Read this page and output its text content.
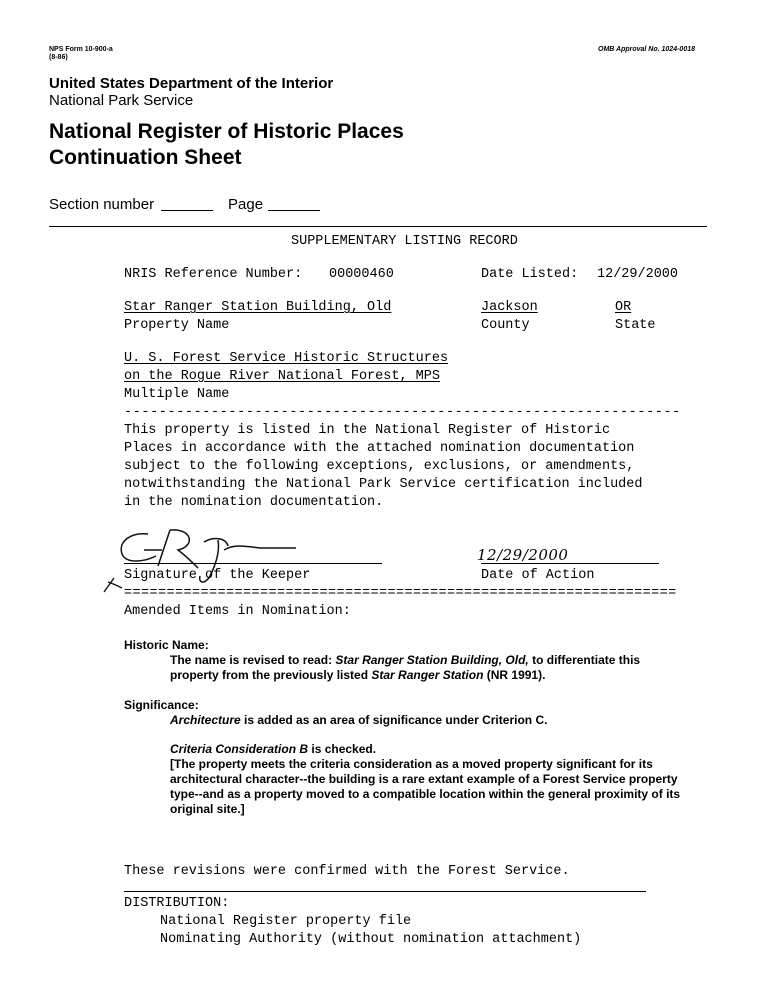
NPS Form 10-900-a
(8-86)
OMB Approval No. 1024-0018
United States Department of the Interior
National Park Service
National Register of Historic Places
Continuation Sheet
Section number	Page
SUPPLEMENTARY LISTING RECORD
NRIS Reference Number: 00000460	Date Listed: 12/29/2000
Star Ranger Station Building, Old	Jackson	OR
Property Name	County	State
U. S. Forest Service Historic Structures
on the Rogue River National Forest, MPS
Multiple Name
----------------------------------------------------------------
This property is listed in the National Register of Historic
Places in accordance with the attached nomination documentation
subject to the following exceptions, exclusions, or amendments,
notwithstanding the National Park Service certification included
in the nomination documentation.
12/29/2000
Signature of the Keeper	Date of Action
=================================================================
Amended Items in Nomination:
Historic Name:
The name is revised to read: Star Ranger Station Building, Old, to differentiate this
property from the previously listed Star Ranger Station (NR 1991).
Significance:
Architecture is added as an area of significance under Criterion C.
Criteria Consideration B is checked.
[The property meets the criteria consideration as a moved property significant for its
architectural character--the building is a rare extant example of a Forest Service property
type--and as a property moved to a compatible location within the general proximity of its
original site.]
These revisions were confirmed with the Forest Service.
DISTRIBUTION:
National Register property file
Nominating Authority (without nomination attachment)
